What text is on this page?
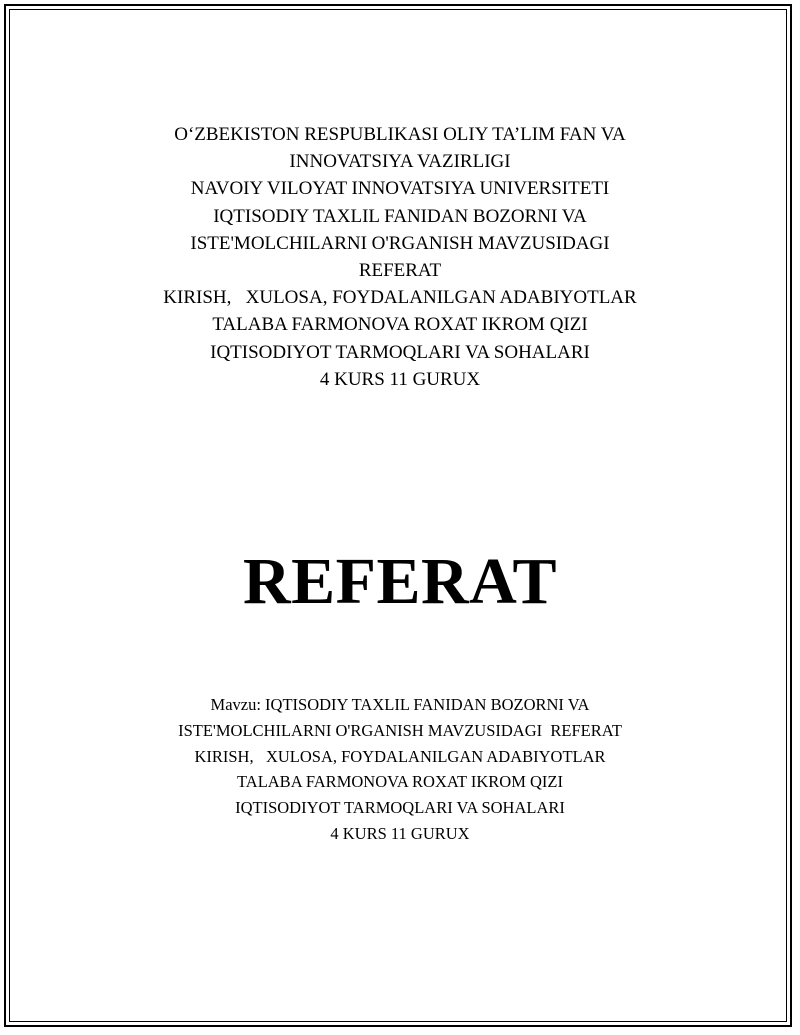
O‘ZBEKISTON RESPUBLIKASI OLIY TA’LIM FAN VA
INNOVATSIYA VAZIRLIGI
NAVOIY VILOYAT INNOVATSIYA UNIVERSITETI
IQTISODIY TAXLIL FANIDAN BOZORNI VA
ISTE'MOLCHILARNI O'RGANISH MAVZUSIDAGI
REFERAT
KIRISH,   XULOSA, FOYDALANILGAN ADABIYOTLAR
TALABA FARMONOVA ROXAT IKROM QIZI
IQTISODIYOT TARMOQLARI VA SOHALARI
4 KURS 11 GURUX
REFERAT
Mavzu: IQTISODIY TAXLIL FANIDAN BOZORNI VA
ISTE'MOLCHILARNI O'RGANISH MAVZUSIDAGI  REFERAT
KIRISH,   XULOSA, FOYDALANILGAN ADABIYOTLAR
TALABA FARMONOVA ROXAT IKROM QIZI
IQTISODIYOT TARMOQLARI VA SOHALARI
4 KURS 11 GURUX
